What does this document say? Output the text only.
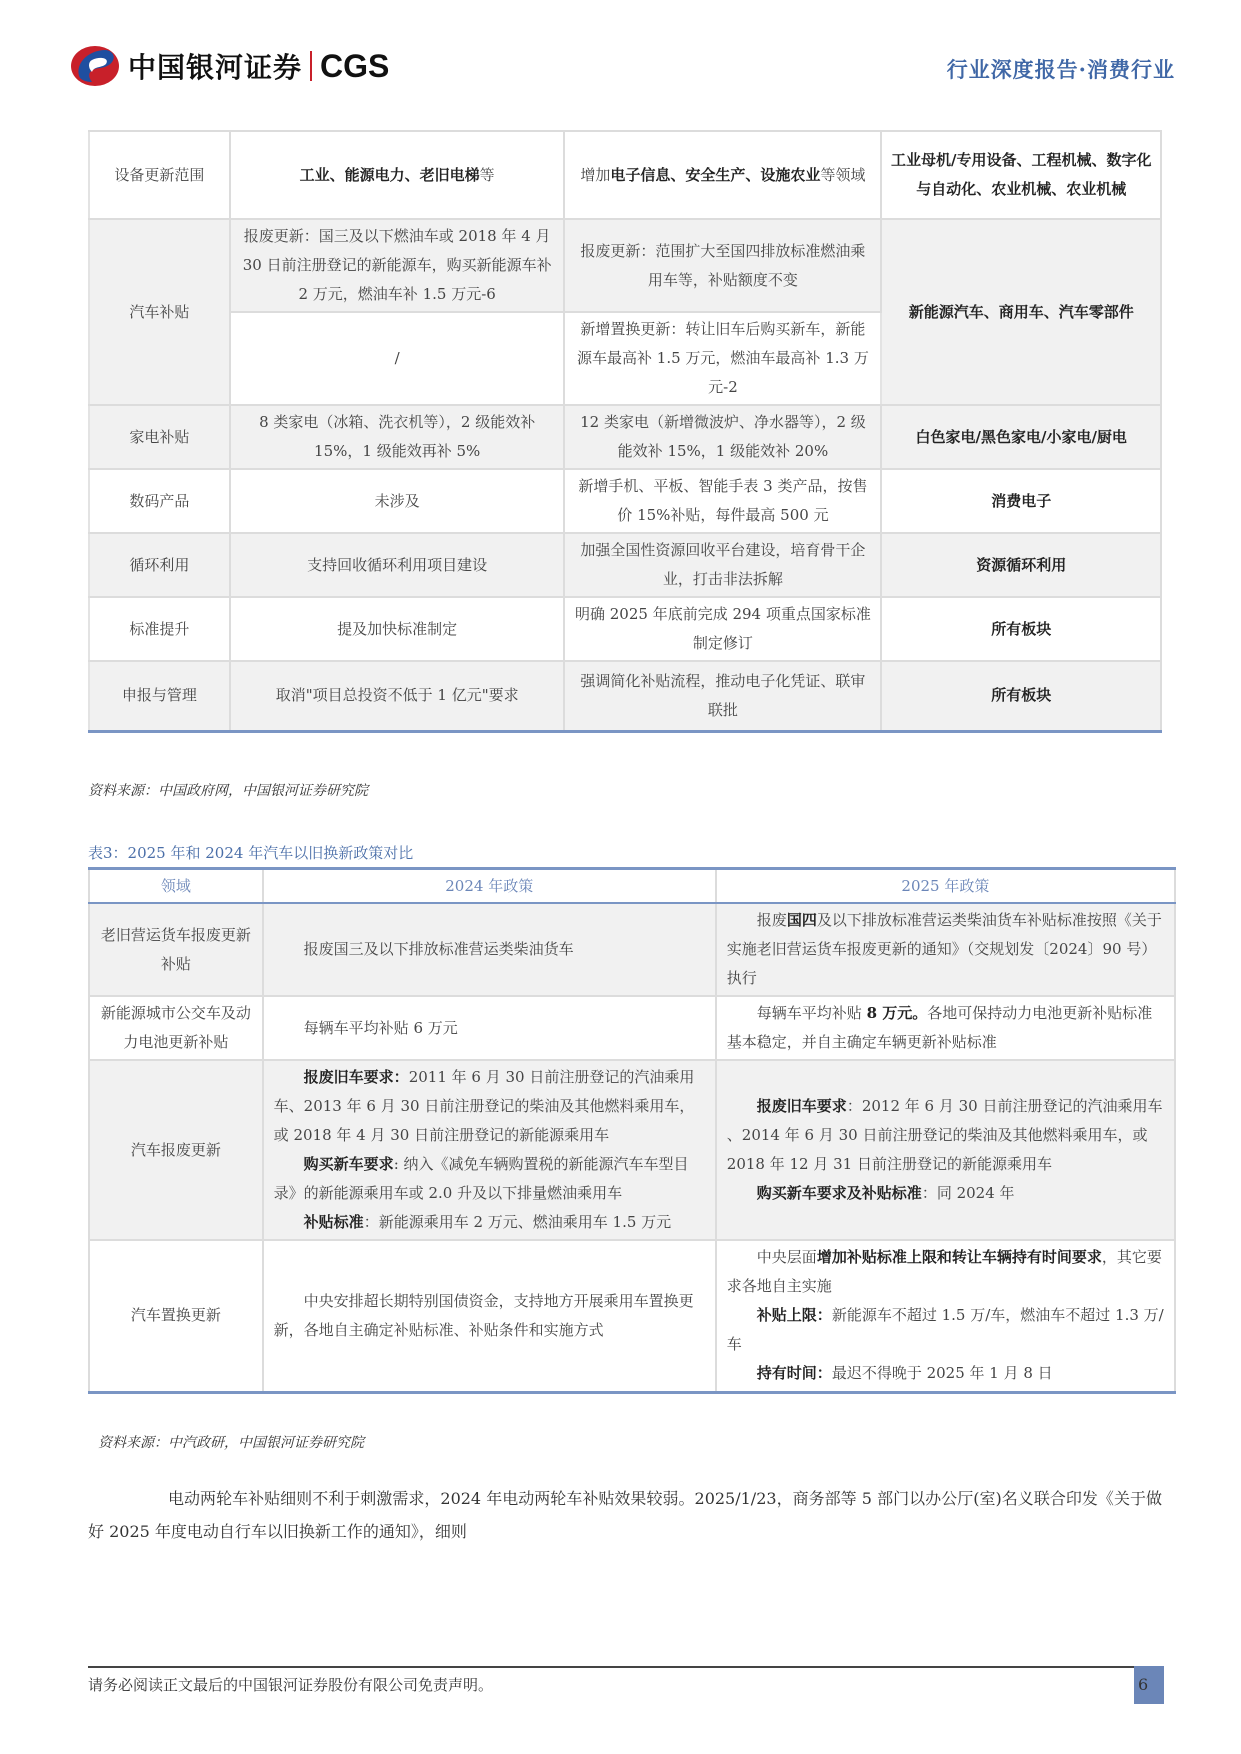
中国银河证券 CGS	行业深度报告·消费行业
设备更新范围	工业、能源电力、老旧电梯等	增加电子信息、安全生产、设施农业等领域	工业母机/专用设备、工程机械、数字化与自动化、农业机械、农业机械
汽车补贴	报废更新：国三及以下燃油车或 2018 年 4 月 30 日前注册登记的新能源车，购买新能源车补 2 万元，燃油车补 1.5 万元-6	报废更新：范围扩大至国四排放标准燃油乘用车等，补贴额度不变	新能源汽车、商用车、汽车零部件
	/	新增置换更新：转让旧车后购买新车，新能源车最高补 1.5 万元，燃油车最高补 1.3 万元-2	
家电补贴	8 类家电（冰箱、洗衣机等），2 级能效补 15%，1 级能效再补 5%	12 类家电（新增微波炉、净水器等），2 级能效补 15%，1 级能效补 20%	白色家电/黑色家电/小家电/厨电
数码产品	未涉及	新增手机、平板、智能手表 3 类产品，按售价 15%补贴，每件最高 500 元	消费电子
循环利用	支持回收循环利用项目建设	加强全国性资源回收平台建设，培育骨干企业，打击非法拆解	资源循环利用
标准提升	提及加快标准制定	明确 2025 年底前完成 294 项重点国家标准制定修订	所有板块
申报与管理	取消"项目总投资不低于 1 亿元"要求	强调简化补贴流程，推动电子化凭证、联审联批	所有板块
资料来源：中国政府网，中国银河证券研究院
表3：2025 年和 2024 年汽车以旧换新政策对比
领域	2024 年政策	2025 年政策
老旧营运货车报废更新补贴	报废国三及以下排放标准营运类柴油货车	报废国四及以下排放标准营运类柴油货车补贴标准按照《关于实施老旧营运货车报废更新的通知》（交规划发〔2024〕90 号）执行

新能源城市公交车及动力电池更新补贴	每辆车平均补贴 6 万元	每辆车平均补贴 8 万元。各地可保持动力电池更新补贴标准基本稳定，并自主确定车辆更新补贴标准

汽车报废更新	报废旧车要求：2011 年 6 月 30 日前注册登记的汽油乘用车、2013 年 6 月 30 日前注册登记的柴油及其他燃料乘用车，或 2018 年 4 月 30 日前注册登记的新能源乘用车
购买新车要求: 纳入《减免车辆购置税的新能源汽车车型目录》的新能源乘用车或 2.0 升及以下排量燃油乘用车
补贴标准：新能源乘用车 2 万元、燃油乘用车 1.5 万元	报废旧车要求：2012 年 6 月 30 日前注册登记的汽油乘用车 、2014 年 6 月 30 日前注册登记的柴油及其他燃料乘用车，或 2018 年 12 月 31 日前注册登记的新能源乘用车
购买新车要求及补贴标准：同 2024 年

汽车置换更新	中央安排超长期特别国债资金，支持地方开展乘用车置换更新，各地自主确定补贴标准、补贴条件和实施方式	中央层面增加补贴标准上限和转让车辆持有时间要求，其它要求各地自主实施
补贴上限：新能源车不超过 1.5 万/车，燃油车不超过 1.3 万/车
持有时间：最迟不得晚于 2025 年 1 月 8 日
资料来源：中汽政研，中国银河证券研究院
电动两轮车补贴细则不利于刺激需求，2024 年电动两轮车补贴效果较弱。2025/1/23，商务部等 5 部门以办公厅(室)名义联合印发《关于做好 2025 年度电动自行车以旧换新工作的通知》，细则
请务必阅读正文最后的中国银河证券股份有限公司免责声明。	6
